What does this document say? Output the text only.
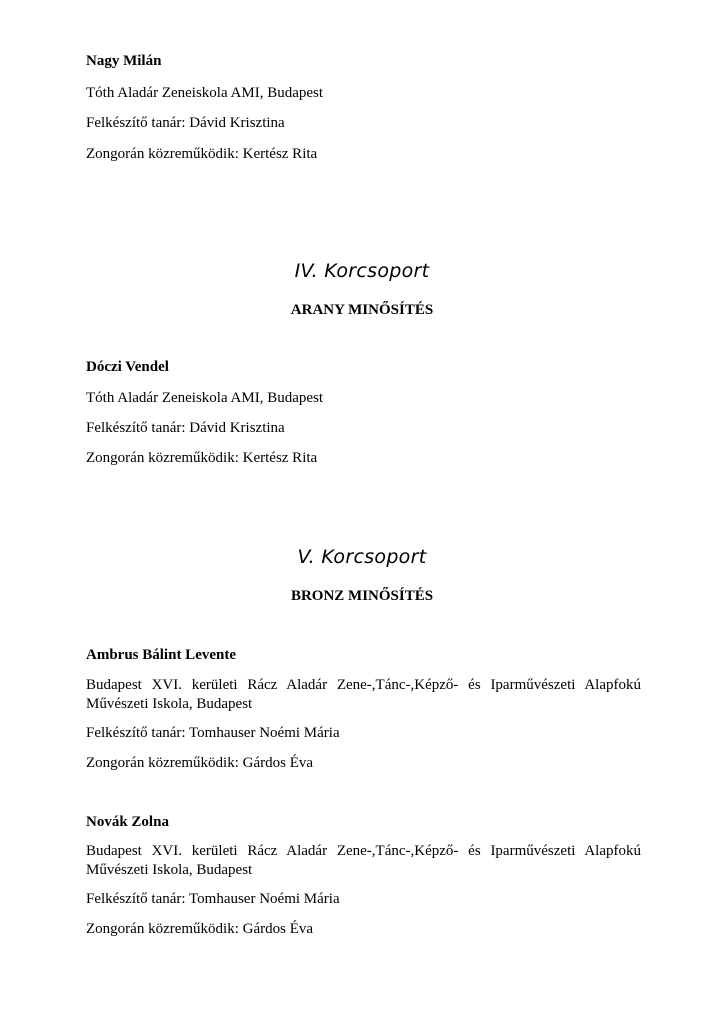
Nagy Milán
Tóth Aladár Zeneiskola AMI, Budapest
Felkészítő tanár: Dávid Krisztina
Zongorán közreműködik: Kertész Rita
IV. Korcsoport
ARANY MINŐSÍTÉS
Dóczi Vendel
Tóth Aladár Zeneiskola AMI, Budapest
Felkészítő tanár: Dávid Krisztina
Zongorán közreműködik: Kertész Rita
V. Korcsoport
BRONZ MINŐSÍTÉS
Ambrus Bálint Levente
Budapest XVI. kerületi Rácz Aladár Zene-,Tánc-,Képző- és Iparművészeti Alapfokú Művészeti Iskola, Budapest
Felkészítő tanár: Tomhauser Noémi Mária
Zongorán közreműködik: Gárdos Éva
Novák Zolna
Budapest XVI. kerületi Rácz Aladár Zene-,Tánc-,Képző- és Iparművészeti Alapfokú Művészeti Iskola, Budapest
Felkészítő tanár: Tomhauser Noémi Mária
Zongorán közreműködik: Gárdos Éva
